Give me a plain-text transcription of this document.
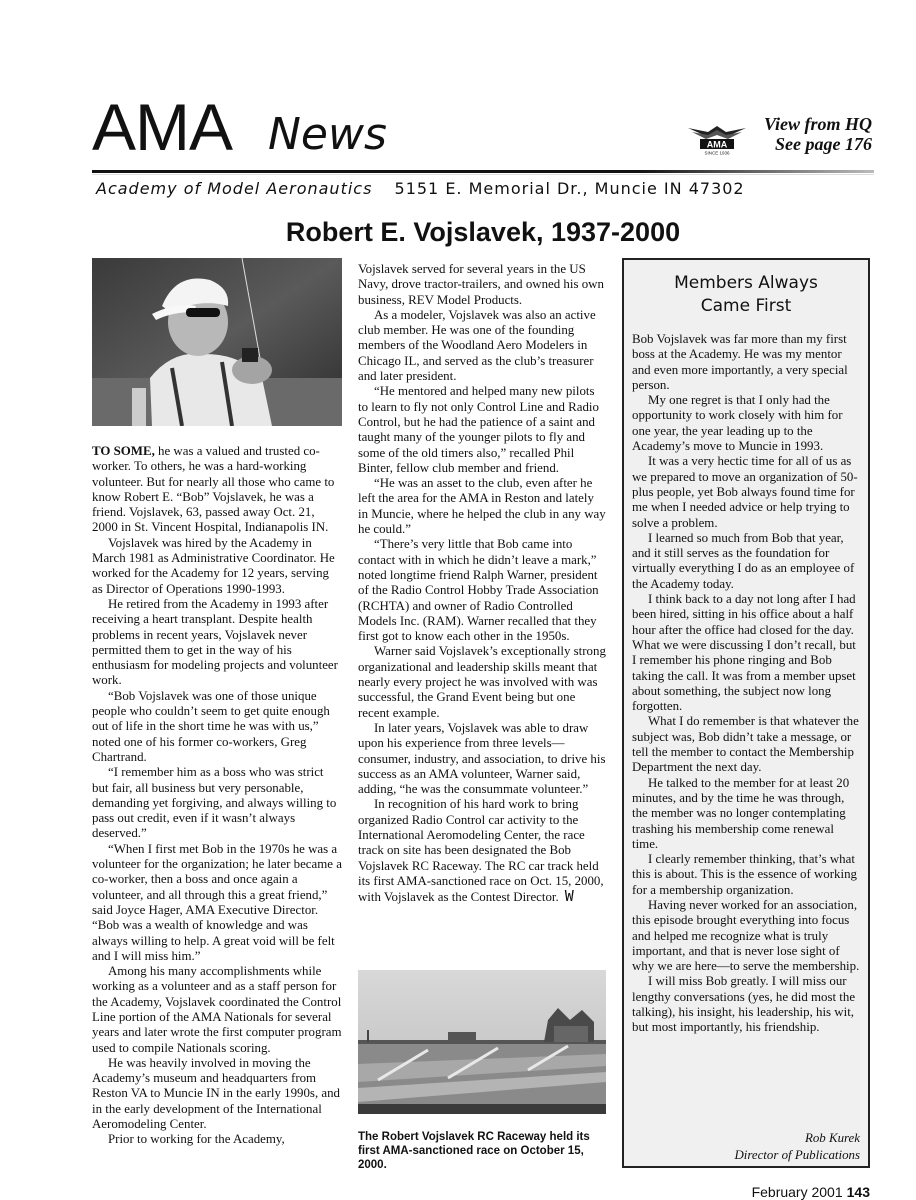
AMA News	AMA
SINCE 1936
View from HQ
See page 176
Academy of Model Aeronautics 5151 E. Memorial Dr., Muncie IN 47302
Robert E. Vojslavek, 1937-2000

TO SOME, he was a valued and trusted co-worker. To others, he was a hard-working volunteer. But for nearly all those who came to know Robert E. “Bob” Vojslavek, he was a friend. Vojslavek, 63, passed away Oct. 21, 2000 in St. Vincent Hospital, Indianapolis IN.

Vojslavek was hired by the Academy in March 1981 as Administrative Coordinator. He worked for the Academy for 12 years, serving as Director of Operations 1990-1993.

He retired from the Academy in 1993 after receiving a heart transplant. Despite health problems in recent years, Vojslavek never permitted them to get in the way of his enthusiasm for modeling projects and volunteer work.

“Bob Vojslavek was one of those unique people who couldn’t seem to get quite enough out of life in the short time he was with us,” noted one of his former co-workers, Greg Chartrand.

“I remember him as a boss who was strict but fair, all business but very personable, demanding yet forgiving, and always willing to pass out credit, even if it wasn’t always deserved.”

“When I first met Bob in the 1970s he was a volunteer for the organization; he later became a co-worker, then a boss and once again a volunteer, and all through this a great friend,” said Joyce Hager, AMA Executive Director. “Bob was a wealth of knowledge and was always willing to help. A great void will be felt and I will miss him.”

Among his many accomplishments while working as a volunteer and as a staff person for the Academy, Vojslavek coordinated the Control Line portion of the AMA Nationals for several years and later wrote the first computer program used to compile Nationals scoring.

He was heavily involved in moving the Academy’s museum and headquarters from Reston VA to Muncie IN in the early 1990s, and in the early development of the International Aeromodeling Center.

Prior to working for the Academy,

Vojslavek served for several years in the US Navy, drove tractor-trailers, and owned his own business, REV Model Products.

As a modeler, Vojslavek was also an active club member. He was one of the founding members of the Woodland Aero Modelers in Chicago IL, and served as the club’s treasurer and later president.

“He mentored and helped many new pilots to learn to fly not only Control Line and Radio Control, but he had the patience of a saint and taught many of the younger pilots to fly and some of the old timers also,” recalled Phil Binter, fellow club member and friend.

“He was an asset to the club, even after he left the area for the AMA in Reston and lately in Muncie, where he helped the club in any way he could.”

“There’s very little that Bob came into contact with in which he didn’t leave a mark,” noted longtime friend Ralph Warner, president of the Radio Control Hobby Trade Association (RCHTA) and owner of Radio Controlled Models Inc. (RAM). Warner recalled that they first got to know each other in the 1950s.

Warner said Vojslavek’s exceptionally strong organizational and leadership skills meant that nearly every project he was involved with was successful, the Grand Event being but one recent example.

In later years, Vojslavek was able to draw upon his experience from three levels—consumer, industry, and association, to drive his success as an AMA volunteer, Warner said, adding, “he was the consummate volunteer.”

In recognition of his hard work to bring organized Radio Control car activity to the International Aeromodeling Center, the race track on site has been designated the Bob Vojslavek RC Raceway. The RC car track held its first AMA-sanctioned race on Oct. 15, 2000, with Vojslavek as the Contest Director. W

The Robert Vojslavek RC Raceway held its first AMA-sanctioned race on October 15, 2000.
Members Always
Came First

Bob Vojslavek was far more than my first boss at the Academy. He was my mentor and even more importantly, a very special person.

My one regret is that I only had the opportunity to work closely with him for one year, the year leading up to the Academy’s move to Muncie in 1993.

It was a very hectic time for all of us as we prepared to move an organization of 50-plus people, yet Bob always found time for me when I needed advice or help trying to solve a problem.

I learned so much from Bob that year, and it still serves as the foundation for virtually everything I do as an employee of the Academy today.

I think back to a day not long after I had been hired, sitting in his office about a half hour after the office had closed for the day. What we were discussing I don’t recall, but I remember his phone ringing and Bob taking the call. It was from a member upset about something, the subject now long forgotten.

What I do remember is that whatever the subject was, Bob didn’t take a message, or tell the member to contact the Membership Department the next day.

He talked to the member for at least 20 minutes, and by the time he was through, the member was no longer contemplating trashing his membership come renewal time.

I clearly remember thinking, that’s what this is about. This is the essence of working for a membership organization.

Having never worked for an association, this episode brought everything into focus and helped me recognize what is truly important, and that is never lose sight of why we are here—to serve the membership.

I will miss Bob greatly. I will miss our lengthy conversations (yes, he did most the talking), his insight, his leadership, his wit, but most importantly, his friendship.

Rob Kurek
Director of Publications
February 2001 143
